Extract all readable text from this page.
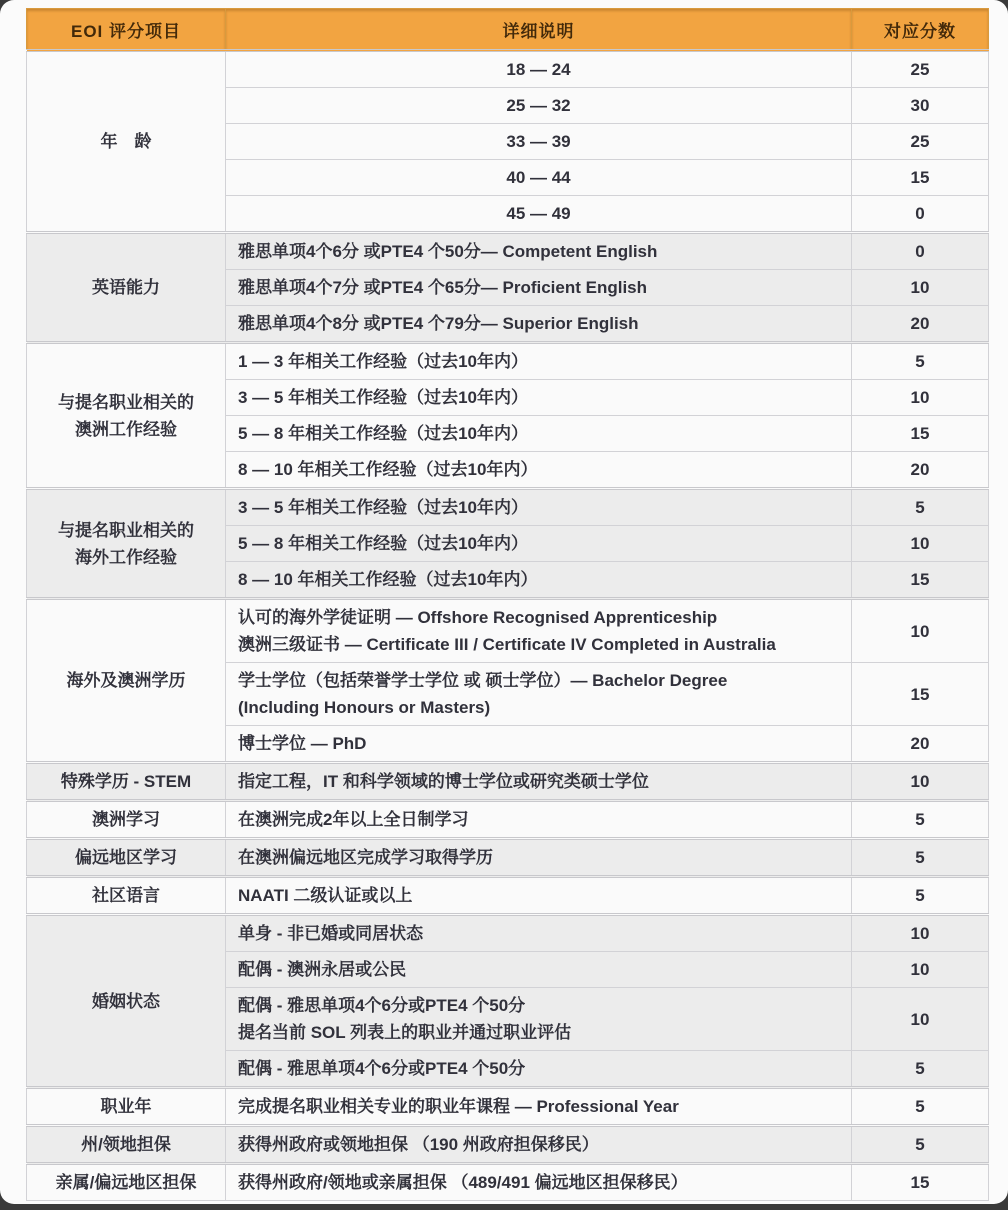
EOI 评分项目	详细说明	对应分数

年　龄	18 — 24	25

	25 — 32	30

	33 — 39	25

	40 — 44	15

	45 — 49	0

英语能力	雅思单项4个6分 或PTE4 个50分— Competent English	0

	雅思单项4个7分 或PTE4 个65分— Proficient English	10

	雅思单项4个8分 或PTE4 个79分— Superior English	20

与提名职业相关的
澳洲工作经验	1 — 3 年相关工作经验（过去10年内）	5

	3 — 5 年相关工作经验（过去10年内）	10

	5 — 8 年相关工作经验（过去10年内）	15

	8 — 10 年相关工作经验（过去10年内）	20

与提名职业相关的
海外工作经验	3 — 5 年相关工作经验（过去10年内）	5

	5 — 8 年相关工作经验（过去10年内）	10

	8 — 10 年相关工作经验（过去10年内）	15

海外及澳洲学历	认可的海外学徒证明 — Offshore Recognised Apprenticeship
澳洲三级证书 — Certificate III / Certificate IV Completed in Australia	10

	学士学位（包括荣誉学士学位 或 硕士学位）— Bachelor Degree
(Including Honours or Masters)	15

	博士学位 — PhD	20

特殊学历 - STEM	指定工程，IT 和科学领域的博士学位或研究类硕士学位	10

澳洲学习	在澳洲完成2年以上全日制学习	5

偏远地区学习	在澳洲偏远地区完成学习取得学历	5

社区语言	NAATI 二级认证或以上	5

婚姻状态	单身 - 非已婚或同居状态	10

	配偶 - 澳洲永居或公民	10

	配偶 - 雅思单项4个6分或PTE4 个50分
提名当前 SOL 列表上的职业并通过职业评估	10

	配偶 - 雅思单项4个6分或PTE4 个50分	5

职业年	完成提名职业相关专业的职业年课程 — Professional Year	5

州/领地担保	获得州政府或领地担保 （190 州政府担保移民）	5

亲属/偏远地区担保	获得州政府/领地或亲属担保 （489/491 偏远地区担保移民）	15
